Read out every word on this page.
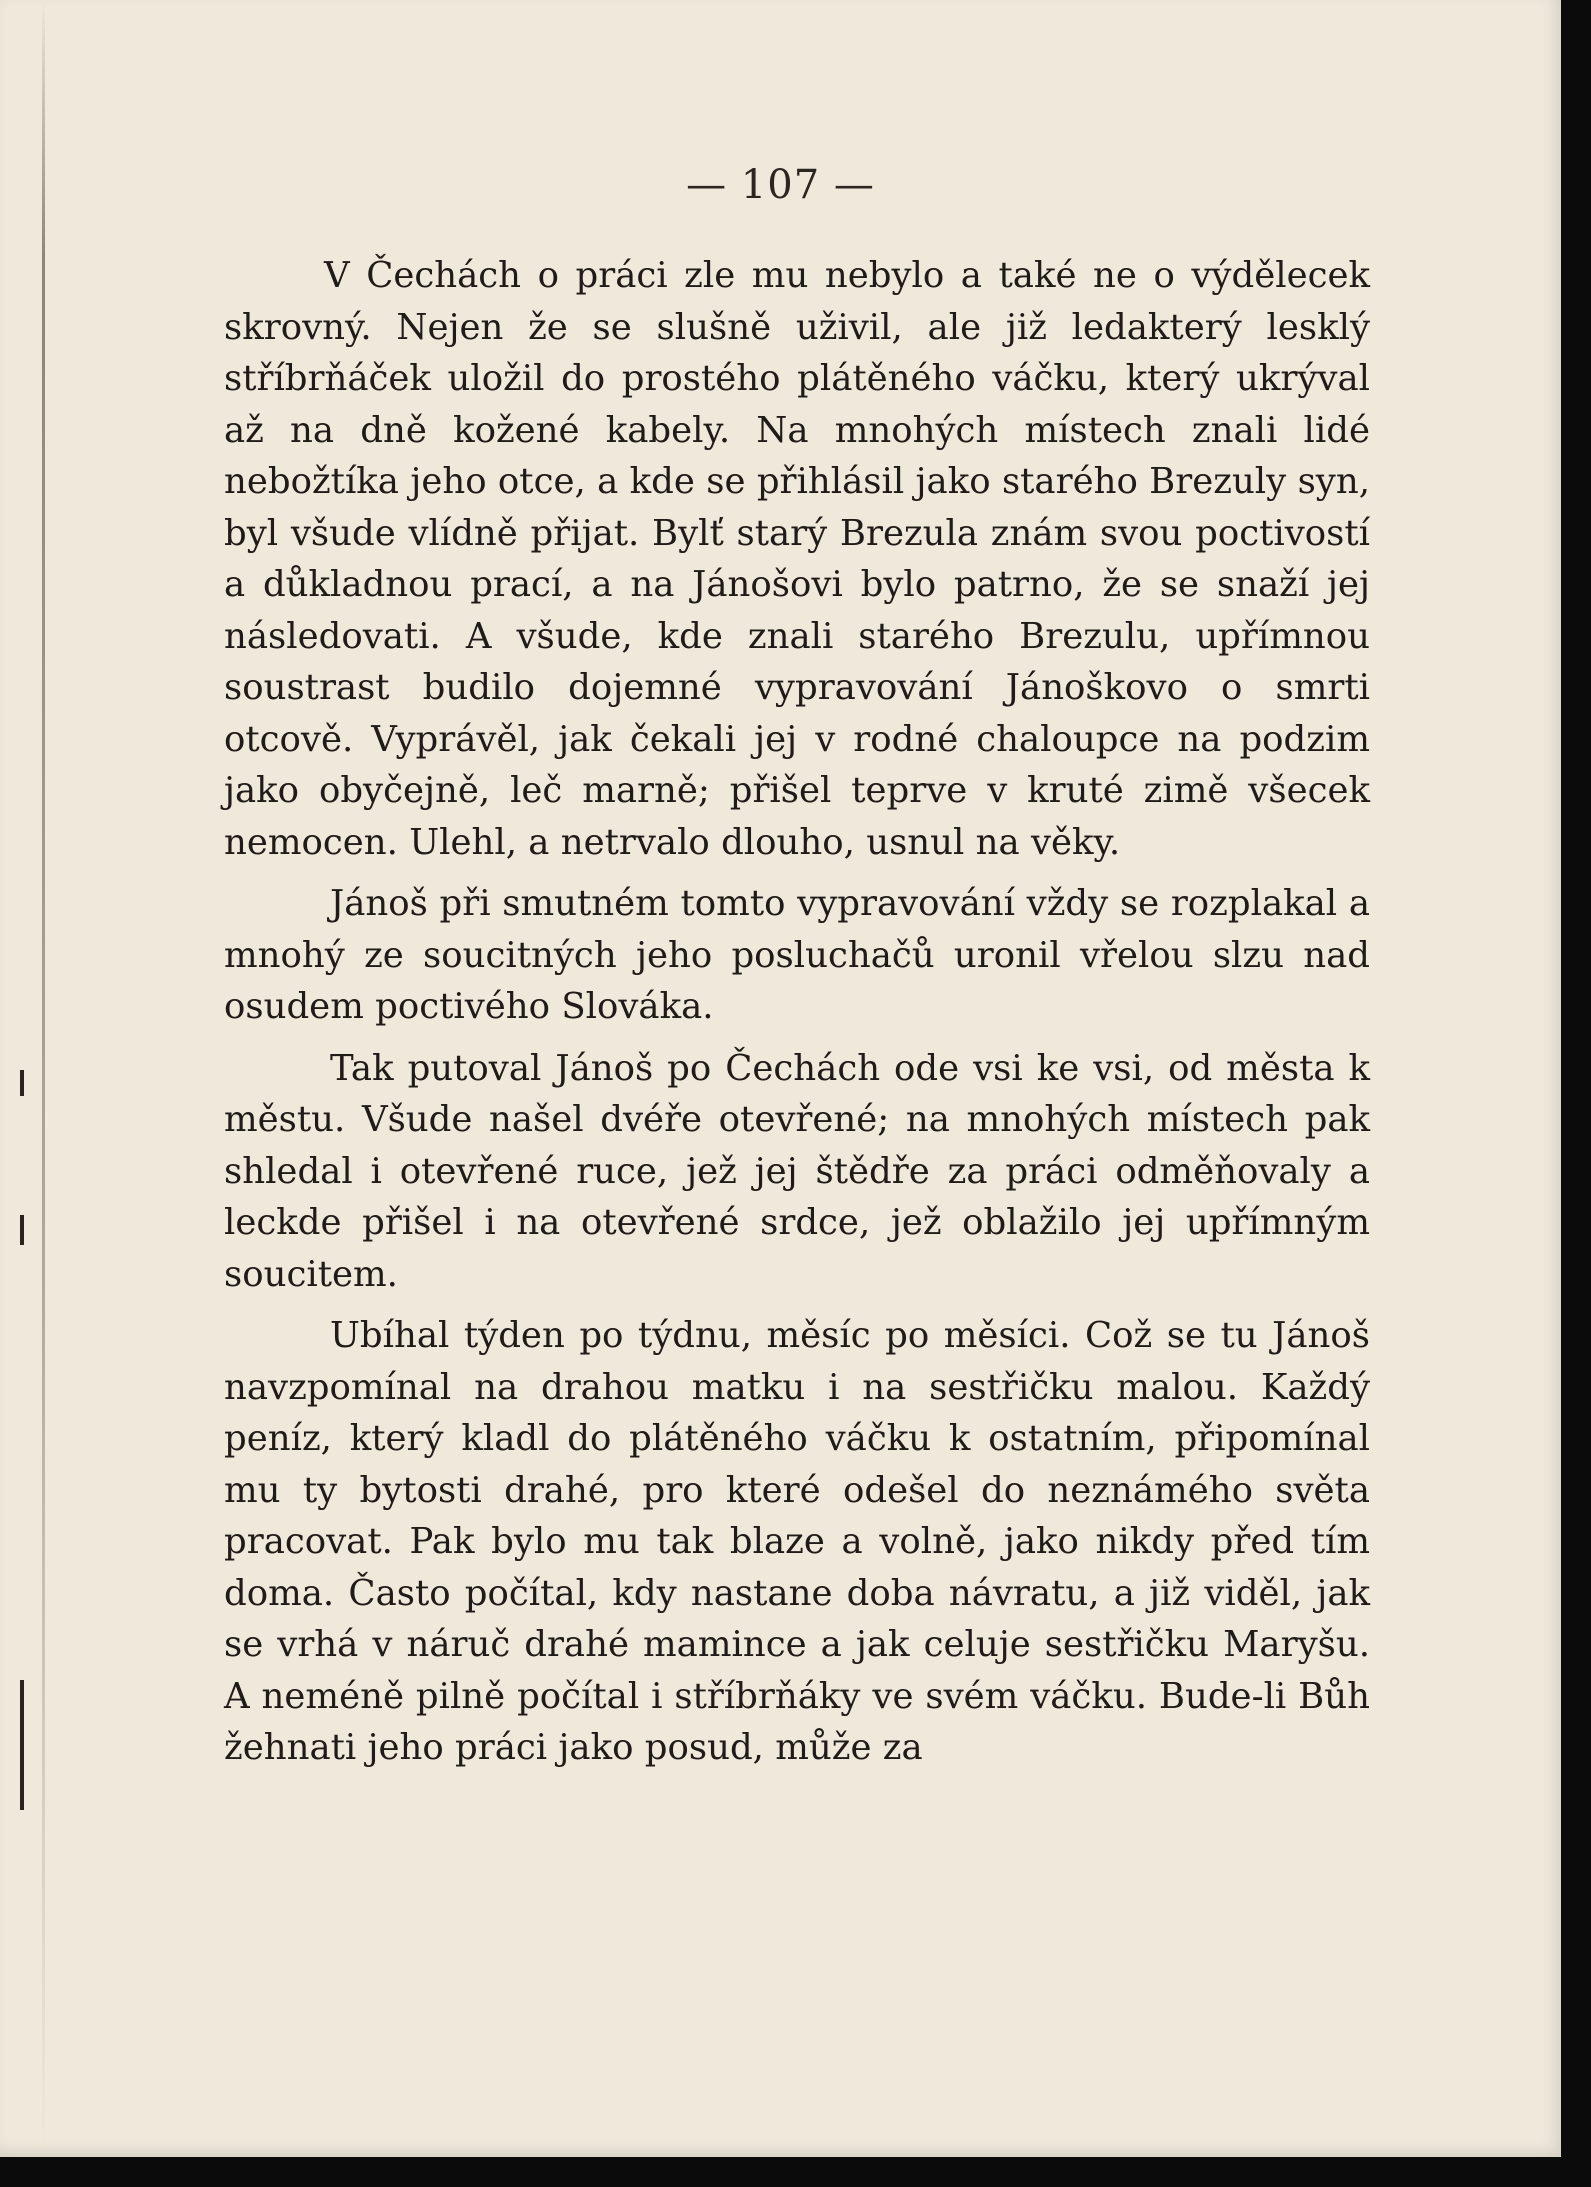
— 107 —

V Čechách o práci zle mu nebylo a také ne o výdělecek skrovný. Nejen že se slušně uživil, ale již ledakterý lesklý stříbrňáček uložil do prostého plátěného váčku, který ukrýval až na dně kožené kabely. Na mnohých místech znali lidé nebožtíka jeho otce, a kde se přihlásil jako starého Brezuly syn, byl všude vlídně přijat. Bylť starý Brezula znám svou poctivostí a důkladnou prací, a na Jánošovi bylo patrno, že se snaží jej následovati. A všude, kde znali starého Brezulu, upřímnou soustrast budilo dojemné vypravování Jánoškovo o smrti otcově. Vyprávěl, jak čekali jej v rodné chaloupce na podzim jako obyčejně, leč marně; přišel teprve v kruté zimě všecek nemocen. Ulehl, a netrvalo dlouho, usnul na věky.

Jánoš při smutném tomto vypravování vždy se rozplakal a mnohý ze soucitných jeho posluchačů uronil vřelou slzu nad osudem poctivého Slováka.

Tak putoval Jánoš po Čechách ode vsi ke vsi, od města k městu. Všude našel dvéře otevřené; na mnohých místech pak shledal i otevřené ruce, jež jej štědře za práci odměňovaly a leckde přišel i na otevřené srdce, jež oblažilo jej upřímným soucitem.

Ubíhal týden po týdnu, měsíc po měsíci. Což se tu Jánoš navzpomínal na drahou matku i na sestřičku malou. Každý peníz, který kladl do plátěného váčku k ostatním, připomínal mu ty bytosti drahé, pro které odešel do neznámého světa pracovat. Pak bylo mu tak blaze a volně, jako nikdy před tím doma. Často počítal, kdy nastane doba návratu, a již viděl, jak se vrhá v náruč drahé mamince a jak celuje sestřičku Maryšu. A neméně pilně počítal i stříbrňáky ve svém váčku. Bude-li Bůh žehnati jeho práci jako posud, může za
